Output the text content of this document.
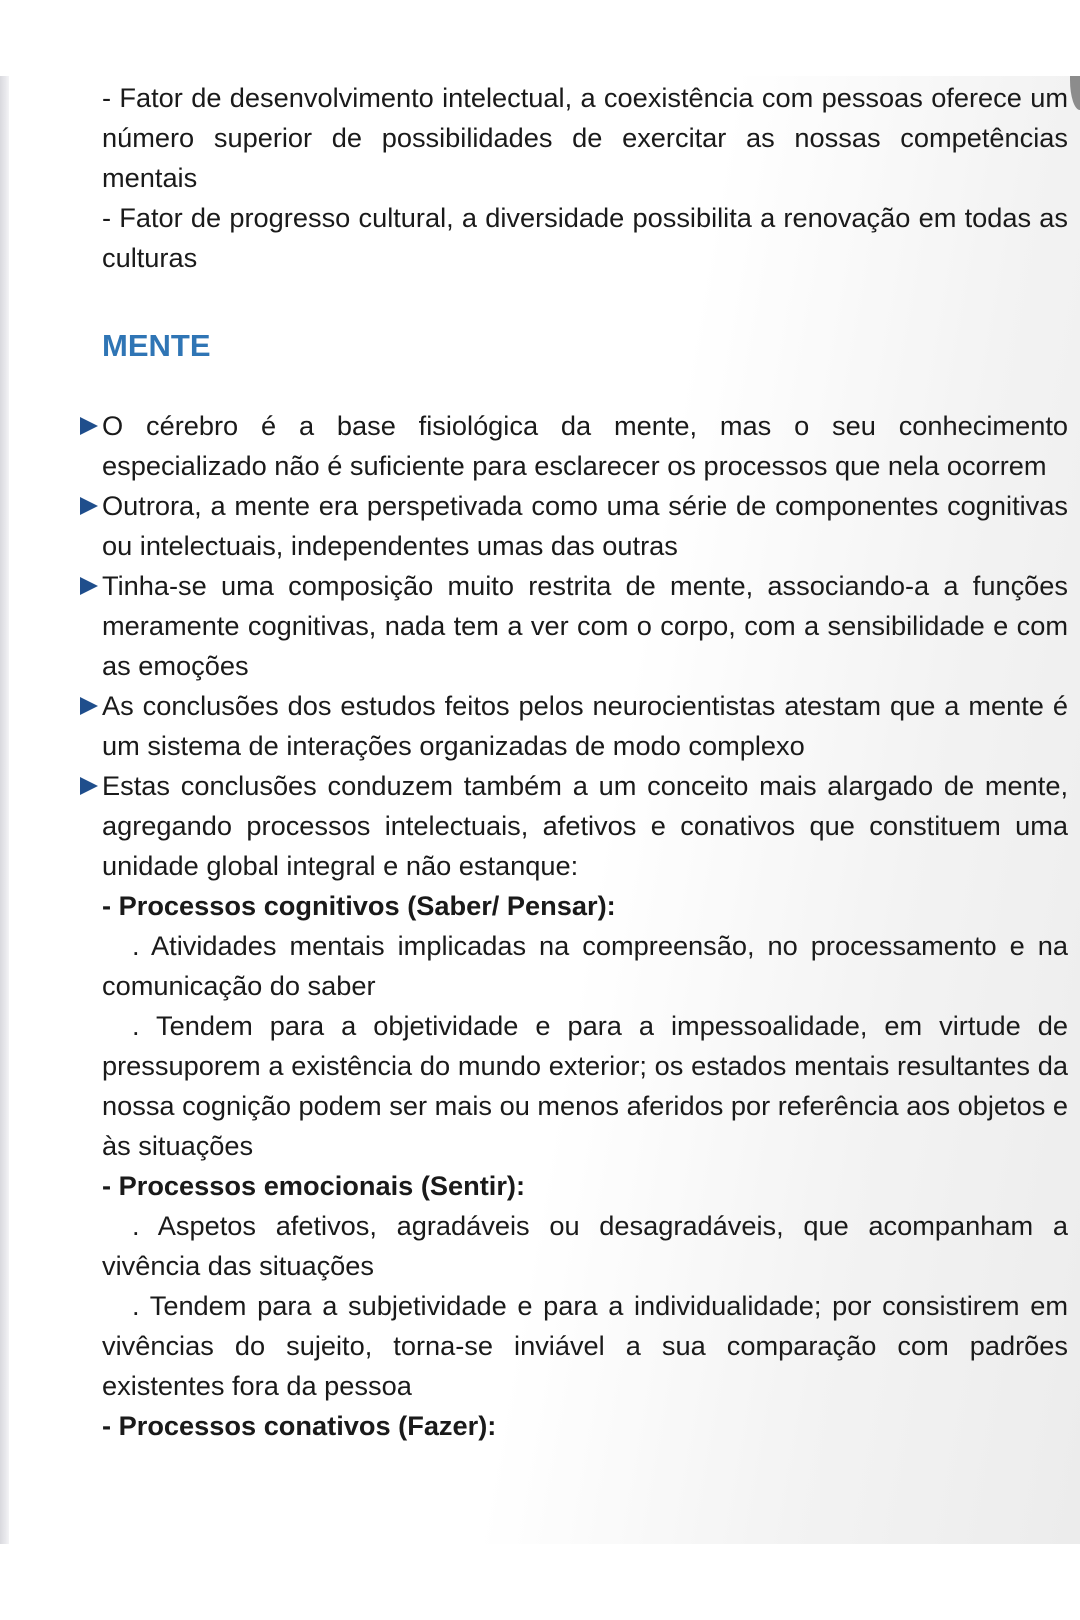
- Fator de desenvolvimento intelectual, a coexistência com pessoas oferece um número superior de possibilidades de exercitar as nossas competências mentais

- Fator de progresso cultural, a diversidade possibilita a renovação em todas as culturas

MENTE

O cérebro é a base fisiológica da mente, mas o seu conhecimento especializado não é suficiente para esclarecer os processos que nela ocorrem

Outrora, a mente era perspetivada como uma série de componentes cognitivas ou intelectuais, independentes umas das outras

Tinha-se uma composição muito restrita de mente, associando-a a funções meramente cognitivas, nada tem a ver com o corpo, com a sensibilidade e com as emoções

As conclusões dos estudos feitos pelos neurocientistas atestam que a mente é um sistema de interações organizadas de modo complexo

Estas conclusões conduzem também a um conceito mais alargado de mente, agregando processos intelectuais, afetivos e conativos que constituem uma unidade global integral e não estanque:

- Processos cognitivos (Saber/ Pensar):

. Atividades mentais implicadas na compreensão, no processamento e na comunicação do saber

. Tendem para a objetividade e para a impessoalidade, em virtude de pressuporem a existência do mundo exterior; os estados mentais resultantes da nossa cognição podem ser mais ou menos aferidos por referência aos objetos e às situações

- Processos emocionais (Sentir):

. Aspetos afetivos, agradáveis ou desagradáveis, que acompanham a vivência das situações

. Tendem para a subjetividade e para a individualidade; por consistirem em vivências do sujeito, torna-se inviável a sua comparação com padrões existentes fora da pessoa

- Processos conativos (Fazer):
